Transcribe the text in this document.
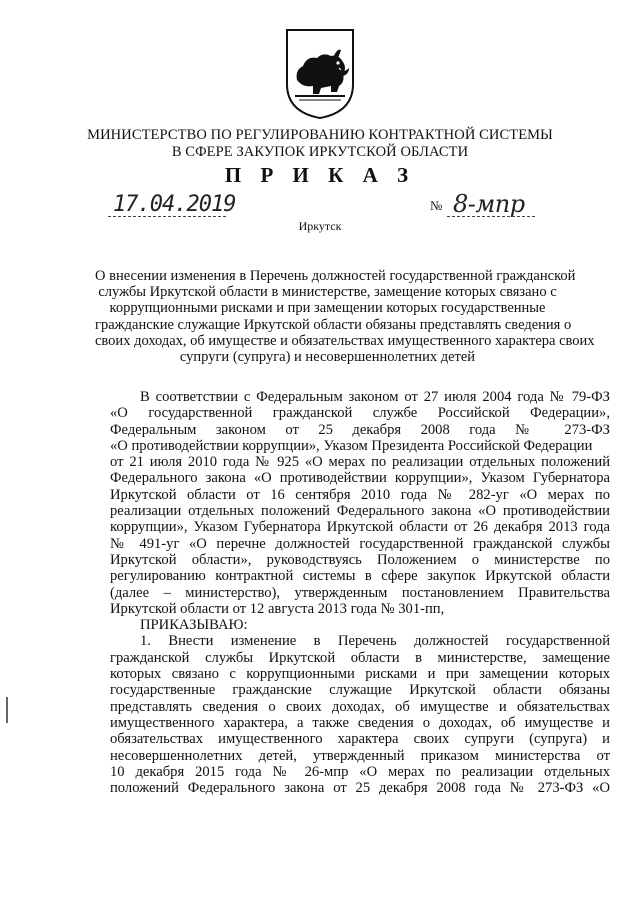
МИНИСТЕРСТВО ПО РЕГУЛИРОВАНИЮ КОНТРАКТНОЙ СИСТЕМЫ
В СФЕРЕ ЗАКУПОК ИРКУТСКОЙ ОБЛАСТИ
П Р И К А З
17.04.2019	№ 8-мпр
Иркутск
О внесении изменения в Перечень должностей государственной гражданской
службы Иркутской области в министерстве, замещение которых связано с
коррупционными рисками и при замещении которых государственные
гражданские служащие Иркутской области обязаны представлять сведения о
своих доходах, об имуществе и обязательствах имущественного характера своих
супруги (супруга) и несовершеннолетних детей
В соответствии с Федеральным законом от 27 июля 2004 года № 79-ФЗ
«О государственной гражданской службе Российской Федерации»,
Федеральным законом от 25 декабря 2008 года № 273-ФЗ
«О противодействии коррупции», Указом Президента Российской Федерации
от 21 июля 2010 года № 925 «О мерах по реализации отдельных положений
Федерального закона «О противодействии коррупции», Указом Губернатора
Иркутской области от 16 сентября 2010 года № 282-уг «О мерах по
реализации отдельных положений Федерального закона «О противодействии
коррупции», Указом Губернатора Иркутской области от 26 декабря 2013 года
№ 491-уг «О перечне должностей государственной гражданской службы
Иркутской области», руководствуясь Положением о министерстве по
регулированию контрактной системы в сфере закупок Иркутской области
(далее – министерство), утвержденным постановлением Правительства
Иркутской области от 12 августа 2013 года № 301-пп,
ПРИКАЗЫВАЮ:
1. Внести изменение в Перечень должностей государственной
гражданской службы Иркутской области в министерстве, замещение
которых связано с коррупционными рисками и при замещении которых
государственные гражданские служащие Иркутской области обязаны
представлять сведения о своих доходах, об имуществе и обязательствах
имущественного характера, а также сведения о доходах, об имуществе и
обязательствах имущественного характера своих супруги (супруга) и
несовершеннолетних детей, утвержденный приказом министерства от
10 декабря 2015 года № 26-мпр «О мерах по реализации отдельных
положений Федерального закона от 25 декабря 2008 года № 273-ФЗ «О
